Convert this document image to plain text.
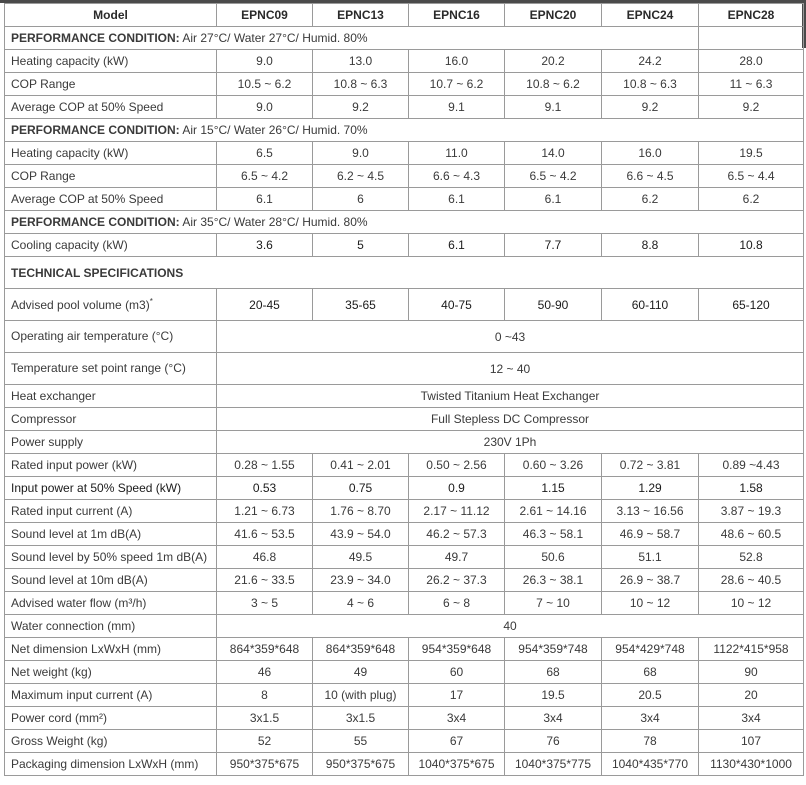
Model	EPNC09	EPNC13	EPNC16	EPNC20	EPNC24	EPNC28
PERFORMANCE CONDITION: Air 27°C/ Water 27°C/ Humid. 80%						
Heating capacity (kW)	9.0	13.0	16.0	20.2	24.2	28.0
COP Range	10.5 ~ 6.2	10.8 ~ 6.3	10.7 ~ 6.2	10.8 ~ 6.2	10.8 ~ 6.3	11 ~ 6.3
Average COP at 50% Speed	9.0	9.2	9.1	9.1	9.2	9.2
PERFORMANCE CONDITION: Air 15°C/ Water 26°C/ Humid. 70%						
Heating capacity (kW)	6.5	9.0	11.0	14.0	16.0	19.5
COP Range	6.5 ~ 4.2	6.2 ~ 4.5	6.6 ~ 4.3	6.5 ~ 4.2	6.6 ~ 4.5	6.5 ~ 4.4
Average COP at 50% Speed	6.1	6	6.1	6.1	6.2	6.2
PERFORMANCE CONDITION: Air 35°C/ Water 28°C/ Humid. 80%						
Cooling capacity (kW)	3.6	5	6.1	7.7	8.8	10.8
TECHNICAL SPECIFICATIONS						
Advised pool volume (m3)*	20-45	35-65	40-75	50-90	60-110	65-120
Operating air temperature (°C)	0 ~43					
Temperature set point range (°C)	12 ~ 40					
Heat exchanger	Twisted Titanium Heat Exchanger					
Compressor	Full Stepless DC Compressor					
Power supply	230V 1Ph					
Rated input power (kW)	0.28 ~ 1.55	0.41 ~ 2.01	0.50 ~ 2.56	0.60 ~ 3.26	0.72 ~ 3.81	0.89 ~4.43
Input power at 50% Speed (kW)	0.53	0.75	0.9	1.15	1.29	1.58
Rated input current (A)	1.21 ~ 6.73	1.76 ~ 8.70	2.17 ~ 11.12	2.61 ~ 14.16	3.13 ~ 16.56	3.87 ~ 19.3
Sound level at 1m dB(A)	41.6 ~ 53.5	43.9 ~ 54.0	46.2 ~ 57.3	46.3 ~ 58.1	46.9 ~ 58.7	48.6 ~ 60.5
Sound level by 50% speed 1m dB(A)	46.8	49.5	49.7	50.6	51.1	52.8
Sound level at 10m dB(A)	21.6 ~ 33.5	23.9 ~ 34.0	26.2 ~ 37.3	26.3 ~ 38.1	26.9 ~ 38.7	28.6 ~ 40.5
Advised water flow (m³/h)	3 ~ 5	4 ~ 6	6 ~ 8	7 ~ 10	10 ~ 12	10 ~ 12
Water connection (mm)	40					
Net dimension LxWxH (mm)	864*359*648	864*359*648	954*359*648	954*359*748	954*429*748	1122*415*958
Net weight (kg)	46	49	60	68	68	90
Maximum input current (A)	8	10 (with plug)	17	19.5	20.5	20
Power cord (mm²)	3x1.5	3x1.5	3x4	3x4	3x4	3x4
Gross Weight (kg)	52	55	67	76	78	107
Packaging dimension LxWxH (mm)	950*375*675	950*375*675	1040*375*675	1040*375*775	1040*435*770	1130*430*1000
